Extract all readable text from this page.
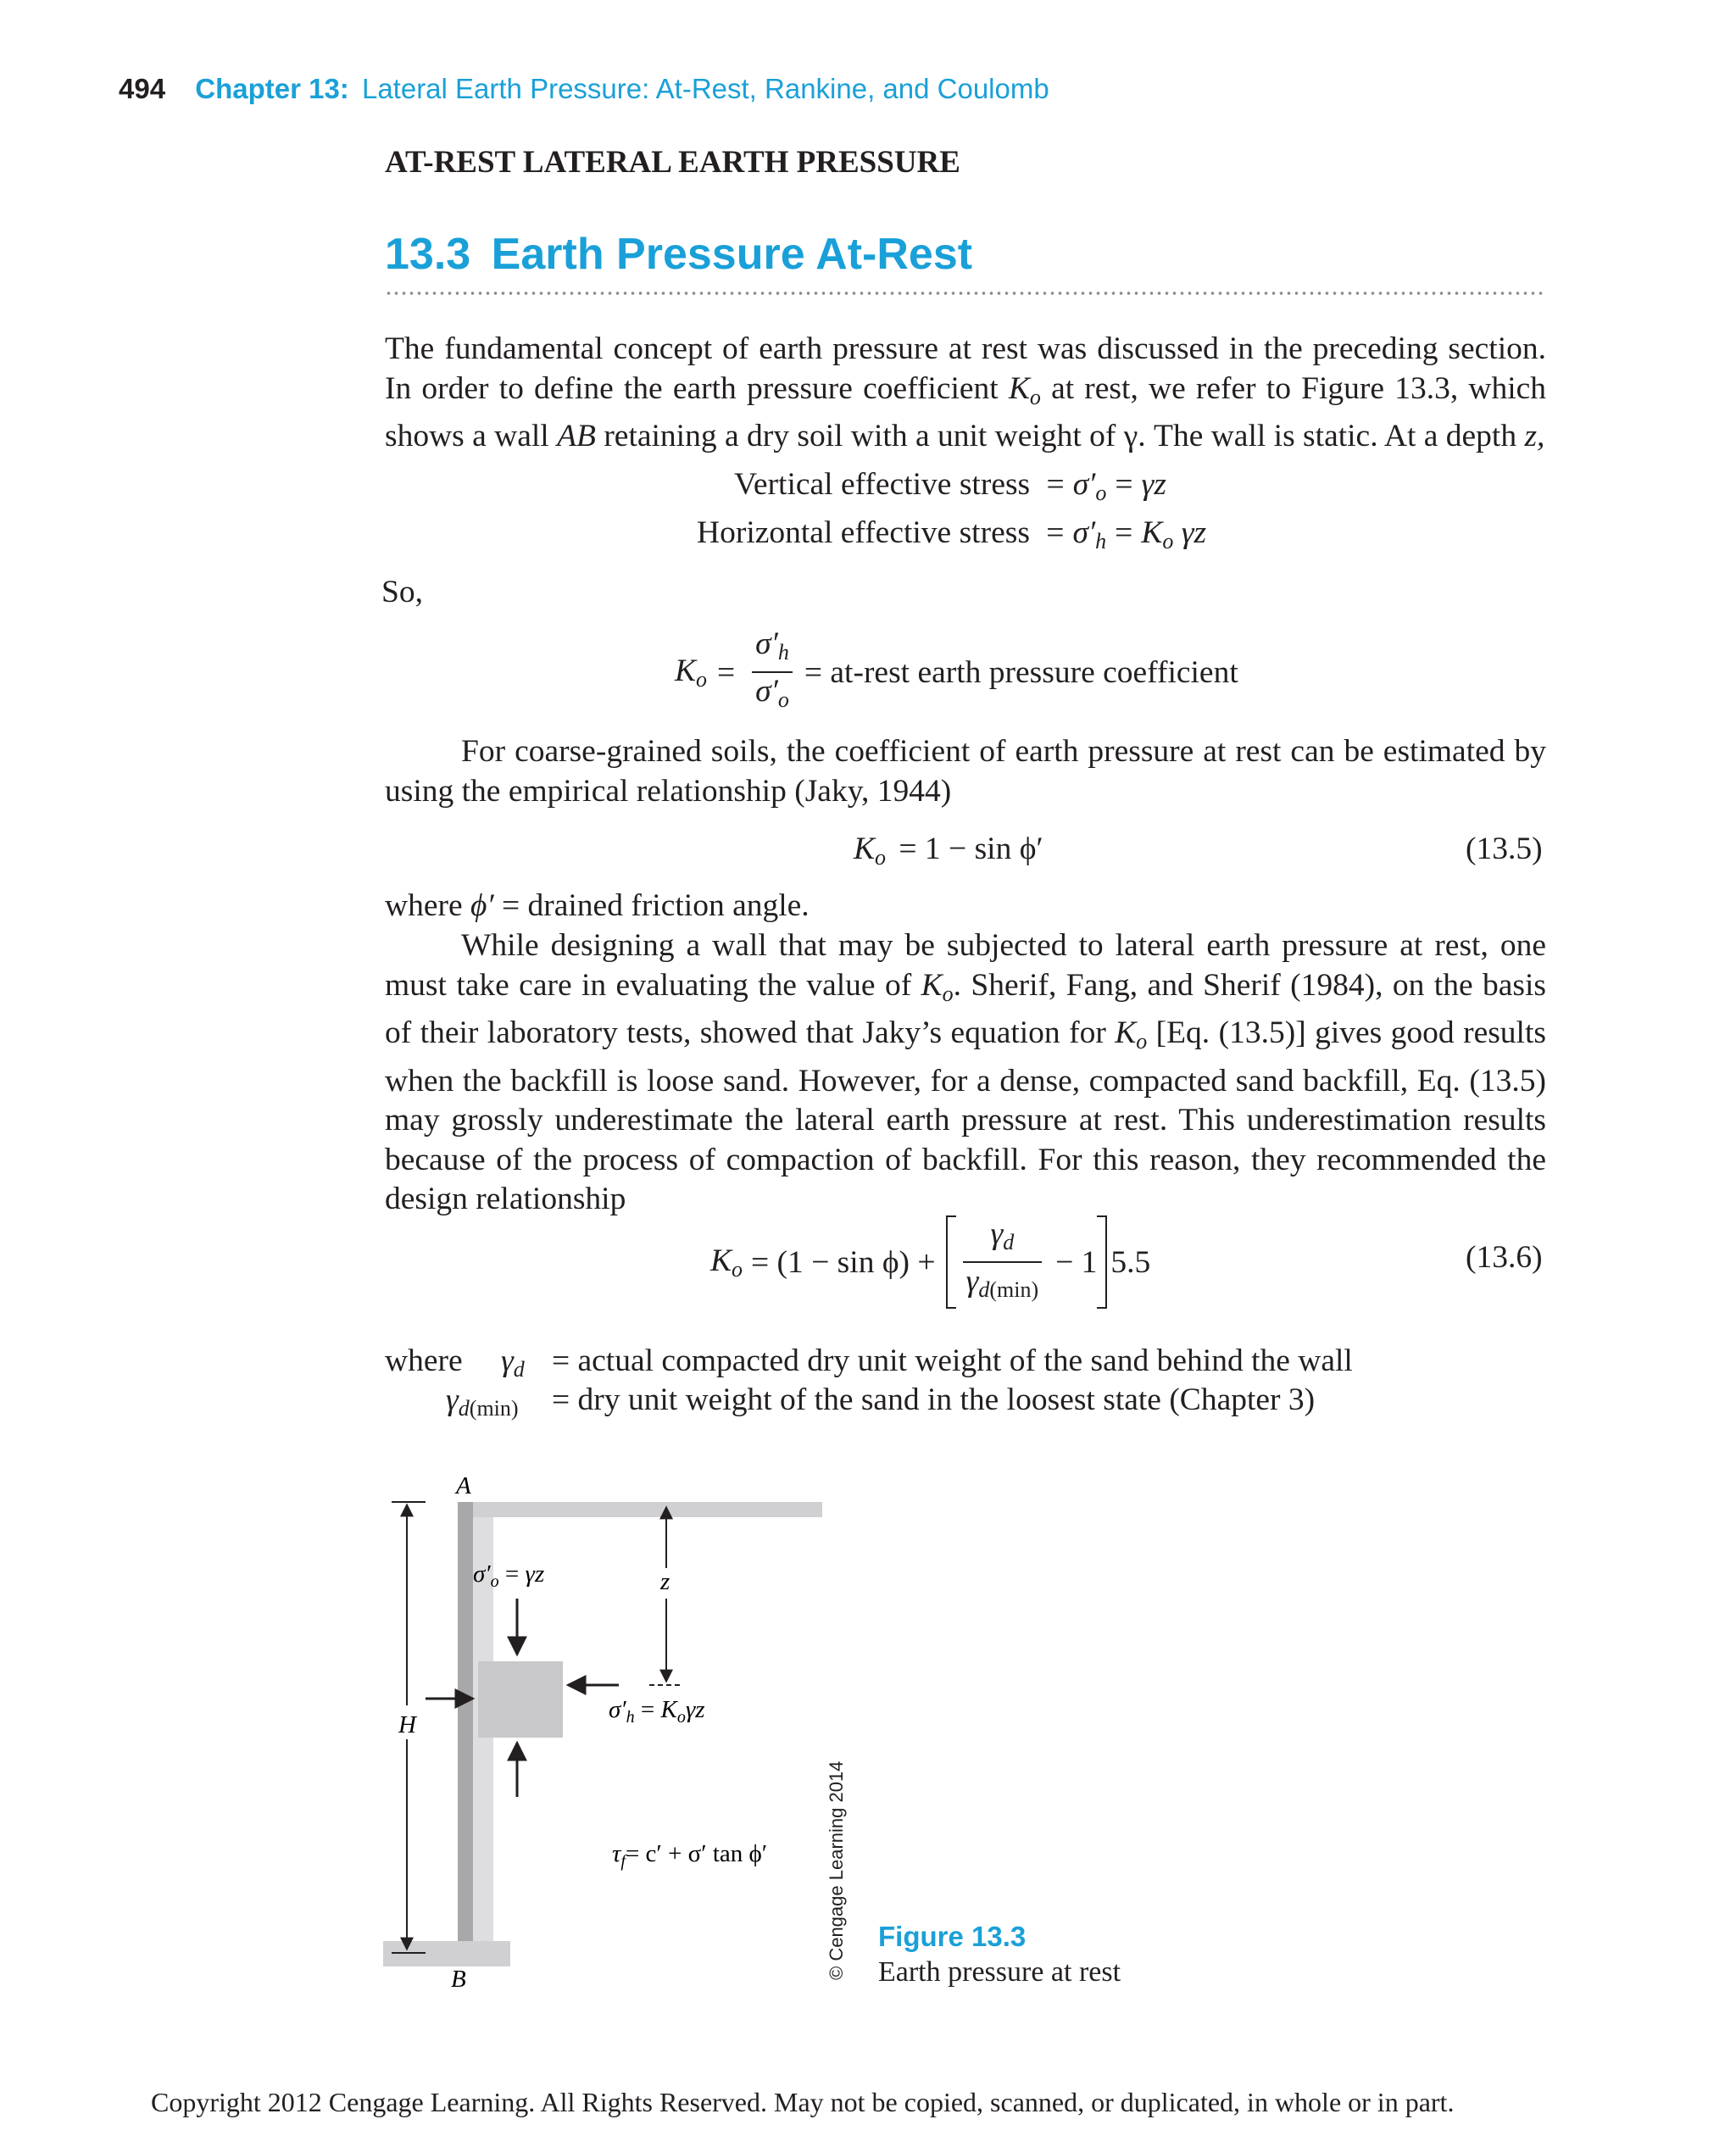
494 Chapter 13: Lateral Earth Pressure: At-Rest, Rankine, and Coulomb
AT-REST LATERAL EARTH PRESSURE
13.3 Earth Pressure At-Rest
The fundamental concept of earth pressure at rest was discussed in the preceding section. In order to define the earth pressure coefficient $K_o$ at rest, we refer to Figure 13.3, which shows a wall AB retaining a dry soil with a unit weight of γ. The wall is static. At a depth z,
Vertical effective stress = $\sigma'_o = \gamma z$
Horizontal effective stress = $\sigma'_h = K_o$ γz
So,
$K_o = \frac{\sigma'_h}{\sigma'_o}$ = at-rest earth pressure coefficient
For coarse-grained soils, the coefficient of earth pressure at rest can be estimated by using the empirical relationship (Jaky, 1944)
$K_o = 1 - \sin \phi'$	(13.5)
where ϕ′ = drained friction angle.
While designing a wall that may be subjected to lateral earth pressure at rest, one must take care in evaluating the value of $K_o$. Sherif, Fang, and Sherif (1984), on the basis of their laboratory tests, showed that Jaky’s equation for $K_o$ [Eq. (13.5)] gives good results when the backfill is loose sand. However, for a dense, compacted sand backfill, Eq. (13.5) may grossly underestimate the lateral earth pressure at rest. This underestimation results because of the process of compaction of backfill. For this reason, they recommended the design relationship
$K_o = (1 - \sin \phi) + \frac{\gamma_d}{\gamma_{d(min)}} - 1$ 5.5	(13.6)
where	$\gamma_d$ = actual compacted dry unit weight of the sand behind the wall
$\gamma_{d(min)}$	= dry unit weight of the sand in the loosest state (Chapter 3)
A
B
H
z
$\sigma'_o = \gamma z$
$\sigma'_h = K_o\gamma z$
$\tau_f= c' + \sigma'$ tan ϕ′	© Cengage Learning 2014 Figure 13.3
Earth pressure at rest
Copyright 2012 Cengage Learning. All Rights Reserved. May not be copied, scanned, or duplicated, in whole or in part.
